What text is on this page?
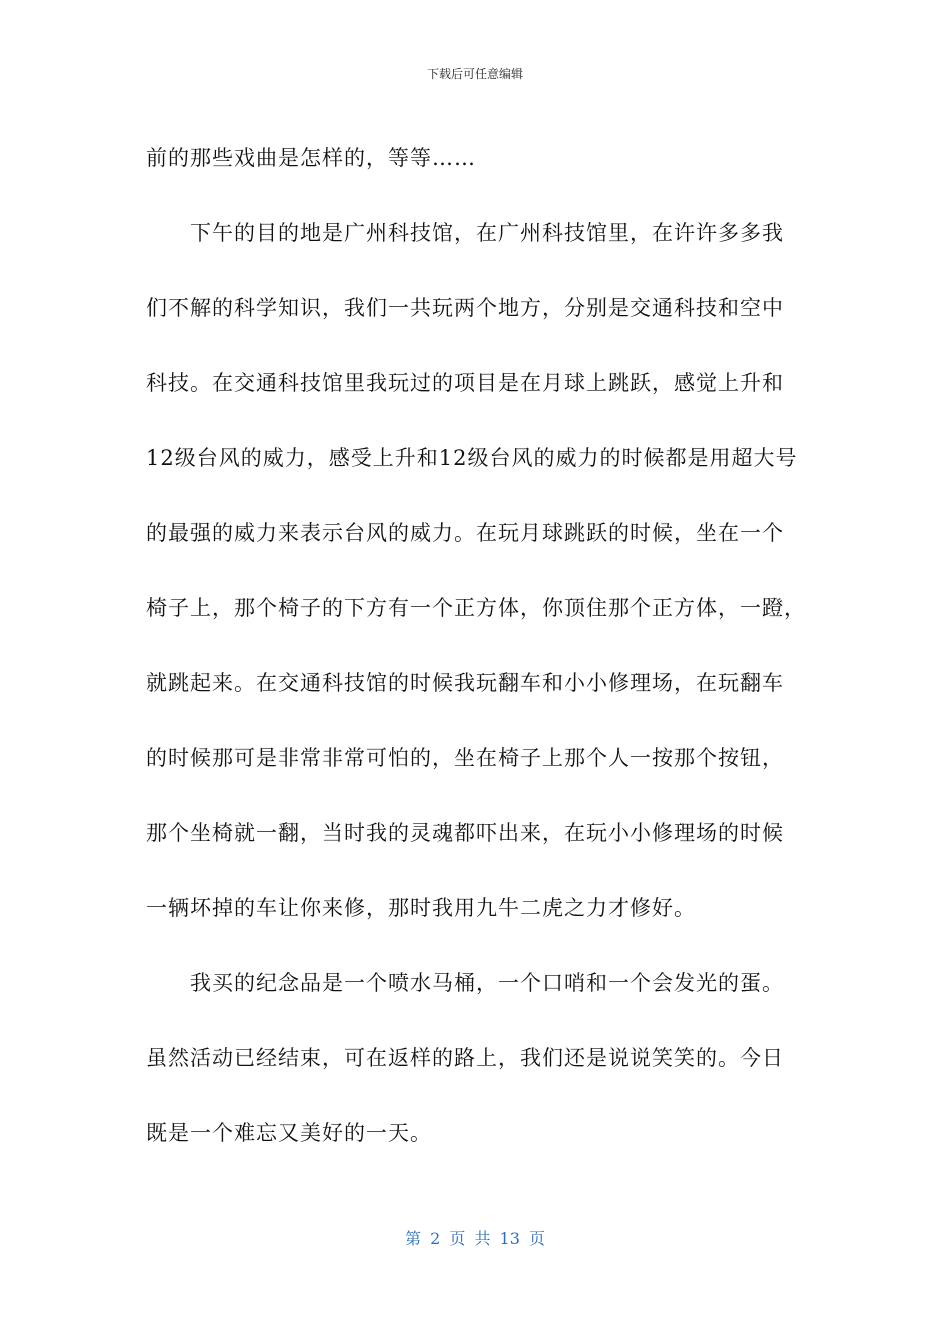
下载后可任意编辑
前的那些戏曲是怎样的，等等……
下午的目的地是广州科技馆，在广州科技馆里，在许许多多我
们不解的科学知识，我们一共玩两个地方，分别是交通科技和空中
科技。在交通科技馆里我玩过的项目是在月球上跳跃，感觉上升和
12级台风的威力，感受上升和12级台风的威力的时候都是用超大号
的最强的威力来表示台风的威力。在玩月球跳跃的时候，坐在一个
椅子上，那个椅子的下方有一个正方体，你顶住那个正方体，一蹬，
就跳起来。在交通科技馆的时候我玩翻车和小小修理场，在玩翻车
的时候那可是非常非常可怕的，坐在椅子上那个人一按那个按钮，
那个坐椅就一翻，当时我的灵魂都吓出来，在玩小小修理场的时候
一辆坏掉的车让你来修，那时我用九牛二虎之力才修好。
我买的纪念品是一个喷水马桶，一个口哨和一个会发光的蛋。
虽然活动已经结束，可在返样的路上，我们还是说说笑笑的。今日
既是一个难忘又美好的一天。
第 2 页 共 13 页
